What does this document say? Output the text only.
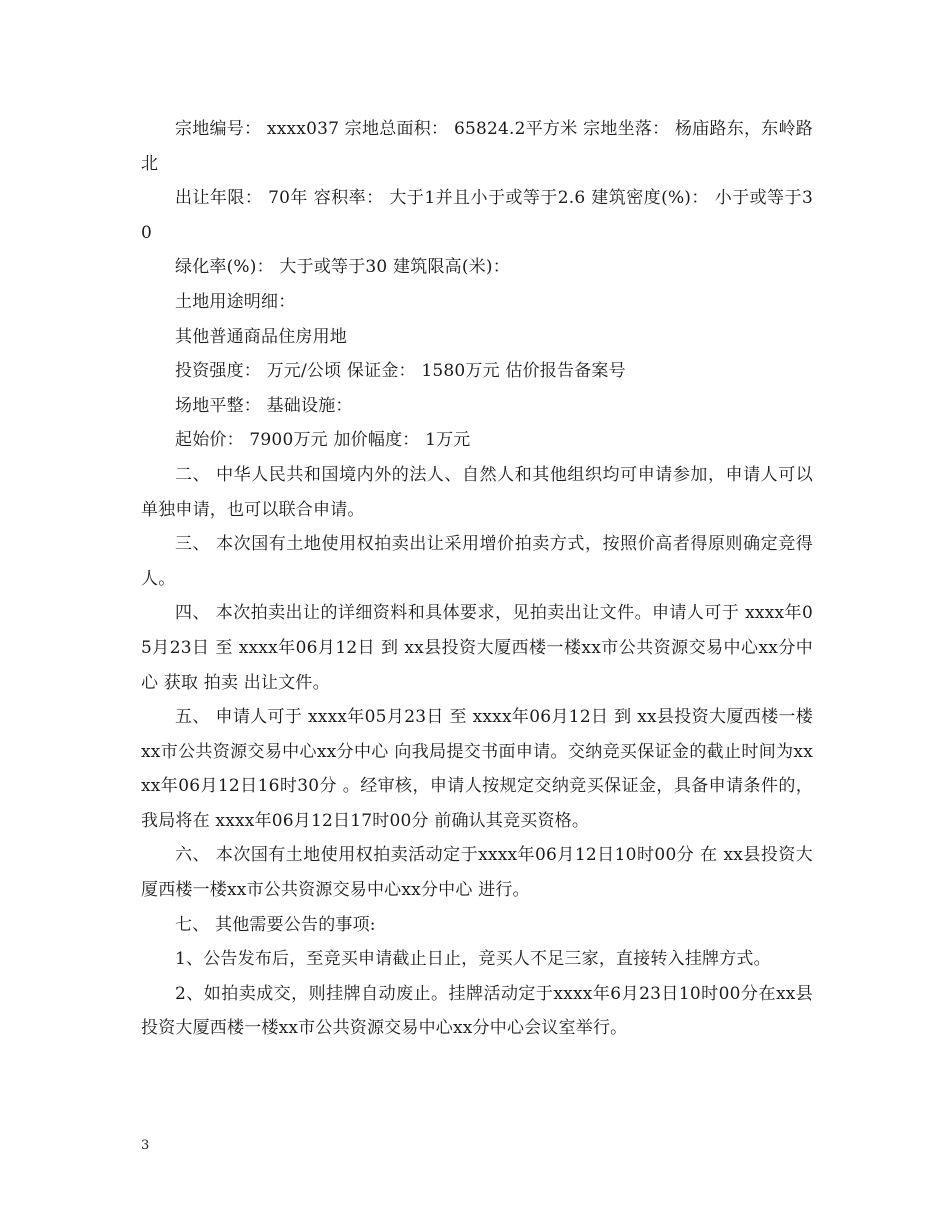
宗地编号： xxxx037 宗地总面积： 65824.2平方米 宗地坐落： 杨庙路东，东岭路北

出让年限： 70年 容积率： 大于1并且小于或等于2.6 建筑密度(%)： 小于或等于30

绿化率(%)： 大于或等于30 建筑限高(米)：

土地用途明细：

其他普通商品住房用地

投资强度： 万元/公顷 保证金： 1580万元 估价报告备案号

场地平整： 基础设施：

起始价： 7900万元 加价幅度： 1万元

二、 中华人民共和国境内外的法人、自然人和其他组织均可申请参加，申请人可以单独申请，也可以联合申请。

三、 本次国有土地使用权拍卖出让采用增价拍卖方式，按照价高者得原则确定竞得人。

四、 本次拍卖出让的详细资料和具体要求，见拍卖出让文件。申请人可于 xxxx年05月23日 至 xxxx年06月12日 到 xx县投资大厦西楼一楼xx市公共资源交易中心xx分中心 获取 拍卖 出让文件。

五、 申请人可于 xxxx年05月23日 至 xxxx年06月12日 到 xx县投资大厦西楼一楼xx市公共资源交易中心xx分中心 向我局提交书面申请。交纳竞买保证金的截止时间为xxxx年06月12日16时30分 。经审核，申请人按规定交纳竞买保证金，具备申请条件的，我局将在 xxxx年06月12日17时00分 前确认其竞买资格。

六、 本次国有土地使用权拍卖活动定于xxxx年06月12日10时00分 在 xx县投资大厦西楼一楼xx市公共资源交易中心xx分中心 进行。

七、 其他需要公告的事项:

1、公告发布后，至竞买申请截止日止，竞买人不足三家，直接转入挂牌方式。

2、如拍卖成交，则挂牌自动废止。挂牌活动定于xxxx年6月23日10时00分在xx县投资大厦西楼一楼xx市公共资源交易中心xx分中心会议室举行。

3
